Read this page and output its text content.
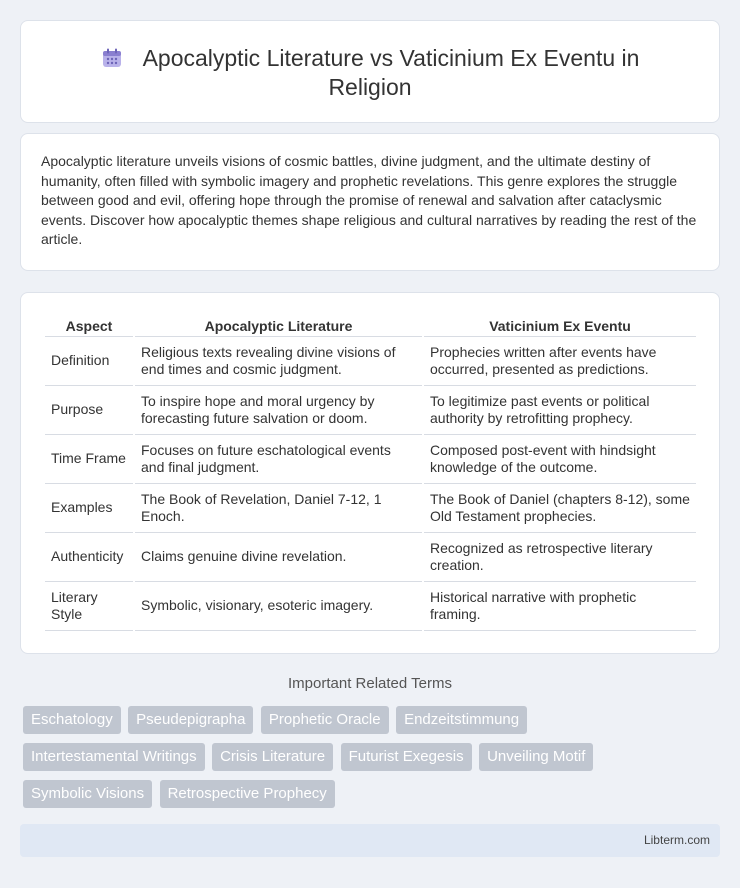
Apocalyptic Literature vs Vaticinium Ex Eventu in Religion

Apocalyptic literature unveils visions of cosmic battles, divine judgment, and the ultimate destiny of humanity, often filled with symbolic imagery and prophetic revelations. This genre explores the struggle between good and evil, offering hope through the promise of renewal and salvation after cataclysmic events. Discover how apocalyptic themes shape religious and cultural narratives by reading the rest of the article.

Aspect	Apocalyptic Literature	Vaticinium Ex Eventu
Definition	Religious texts revealing divine visions of end times and cosmic judgment.	Prophecies written after events have occurred, presented as predictions.
Purpose	To inspire hope and moral urgency by forecasting future salvation or doom.	To legitimize past events or political authority by retrofitting prophecy.
Time Frame	Focuses on future eschatological events and final judgment.	Composed post-event with hindsight knowledge of the outcome.
Examples	The Book of Revelation, Daniel 7-12, 1 Enoch.	The Book of Daniel (chapters 8-12), some Old Testament prophecies.
Authenticity	Claims genuine divine revelation.	Recognized as retrospective literary creation.
Literary Style	Symbolic, visionary, esoteric imagery.	Historical narrative with prophetic framing.
Important Related Terms
Eschatology Pseudepigrapha Prophetic Oracle Endzeitstimmung Intertestamental Writings Crisis Literature Futurist Exegesis Unveiling Motif Symbolic Visions Retrospective Prophecy
Libterm.com
